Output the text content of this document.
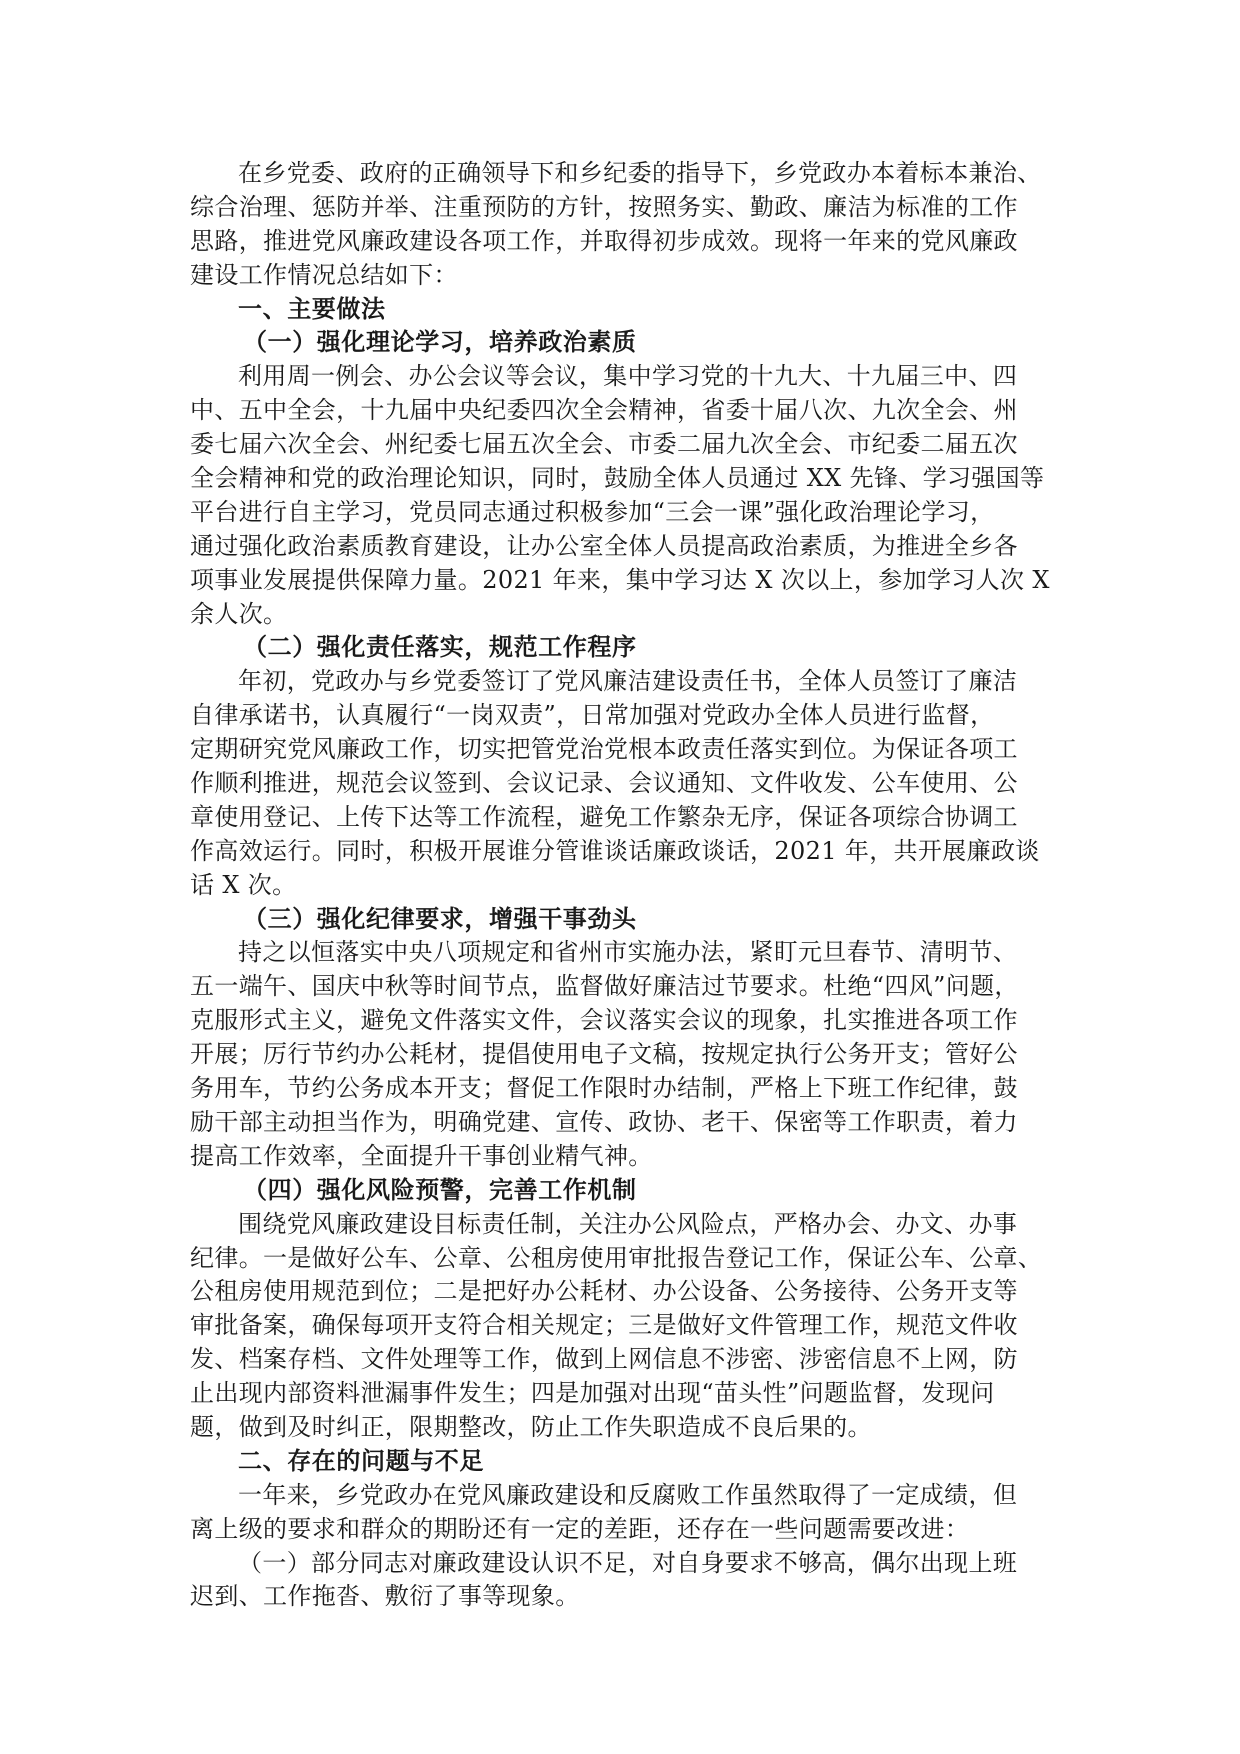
在乡党委、政府的正确领导下和乡纪委的指导下，乡党政办本着标本兼治、
综合治理、惩防并举、注重预防的方针，按照务实、勤政、廉洁为标准的工作
思路，推进党风廉政建设各项工作，并取得初步成效。现将一年来的党风廉政
建设工作情况总结如下：
一、主要做法
（一）强化理论学习，培养政治素质
利用周一例会、办公会议等会议，集中学习党的十九大、十九届三中、四
中、五中全会，十九届中央纪委四次全会精神，省委十届八次、九次全会、州
委七届六次全会、州纪委七届五次全会、市委二届九次全会、市纪委二届五次
全会精神和党的政治理论知识，同时，鼓励全体人员通过 XX 先锋、学习强国等
平台进行自主学习，党员同志通过积极参加“三会一课”强化政治理论学习，
通过强化政治素质教育建设，让办公室全体人员提高政治素质，为推进全乡各
项事业发展提供保障力量。2021 年来，集中学习达 X 次以上，参加学习人次 X
余人次。
（二）强化责任落实，规范工作程序
年初，党政办与乡党委签订了党风廉洁建设责任书，全体人员签订了廉洁
自律承诺书，认真履行“一岗双责”，日常加强对党政办全体人员进行监督，
定期研究党风廉政工作，切实把管党治党根本政责任落实到位。为保证各项工
作顺利推进，规范会议签到、会议记录、会议通知、文件收发、公车使用、公
章使用登记、上传下达等工作流程，避免工作繁杂无序，保证各项综合协调工
作高效运行。同时，积极开展谁分管谁谈话廉政谈话，2021 年，共开展廉政谈
话 X 次。
（三）强化纪律要求，增强干事劲头
持之以恒落实中央八项规定和省州市实施办法，紧盯元旦春节、清明节、
五一端午、国庆中秋等时间节点，监督做好廉洁过节要求。杜绝“四风”问题，
克服形式主义，避免文件落实文件，会议落实会议的现象，扎实推进各项工作
开展；厉行节约办公耗材，提倡使用电子文稿，按规定执行公务开支；管好公
务用车，节约公务成本开支；督促工作限时办结制，严格上下班工作纪律，鼓
励干部主动担当作为，明确党建、宣传、政协、老干、保密等工作职责，着力
提高工作效率，全面提升干事创业精气神。
（四）强化风险预警，完善工作机制
围绕党风廉政建设目标责任制，关注办公风险点，严格办会、办文、办事
纪律。一是做好公车、公章、公租房使用审批报告登记工作，保证公车、公章、
公租房使用规范到位；二是把好办公耗材、办公设备、公务接待、公务开支等
审批备案，确保每项开支符合相关规定；三是做好文件管理工作，规范文件收
发、档案存档、文件处理等工作，做到上网信息不涉密、涉密信息不上网，防
止出现内部资料泄漏事件发生；四是加强对出现“苗头性”问题监督，发现问
题，做到及时纠正，限期整改，防止工作失职造成不良后果的。
二、存在的问题与不足
一年来，乡党政办在党风廉政建设和反腐败工作虽然取得了一定成绩，但
离上级的要求和群众的期盼还有一定的差距，还存在一些问题需要改进：
（一）部分同志对廉政建设认识不足，对自身要求不够高，偶尔出现上班
迟到、工作拖沓、敷衍了事等现象。
